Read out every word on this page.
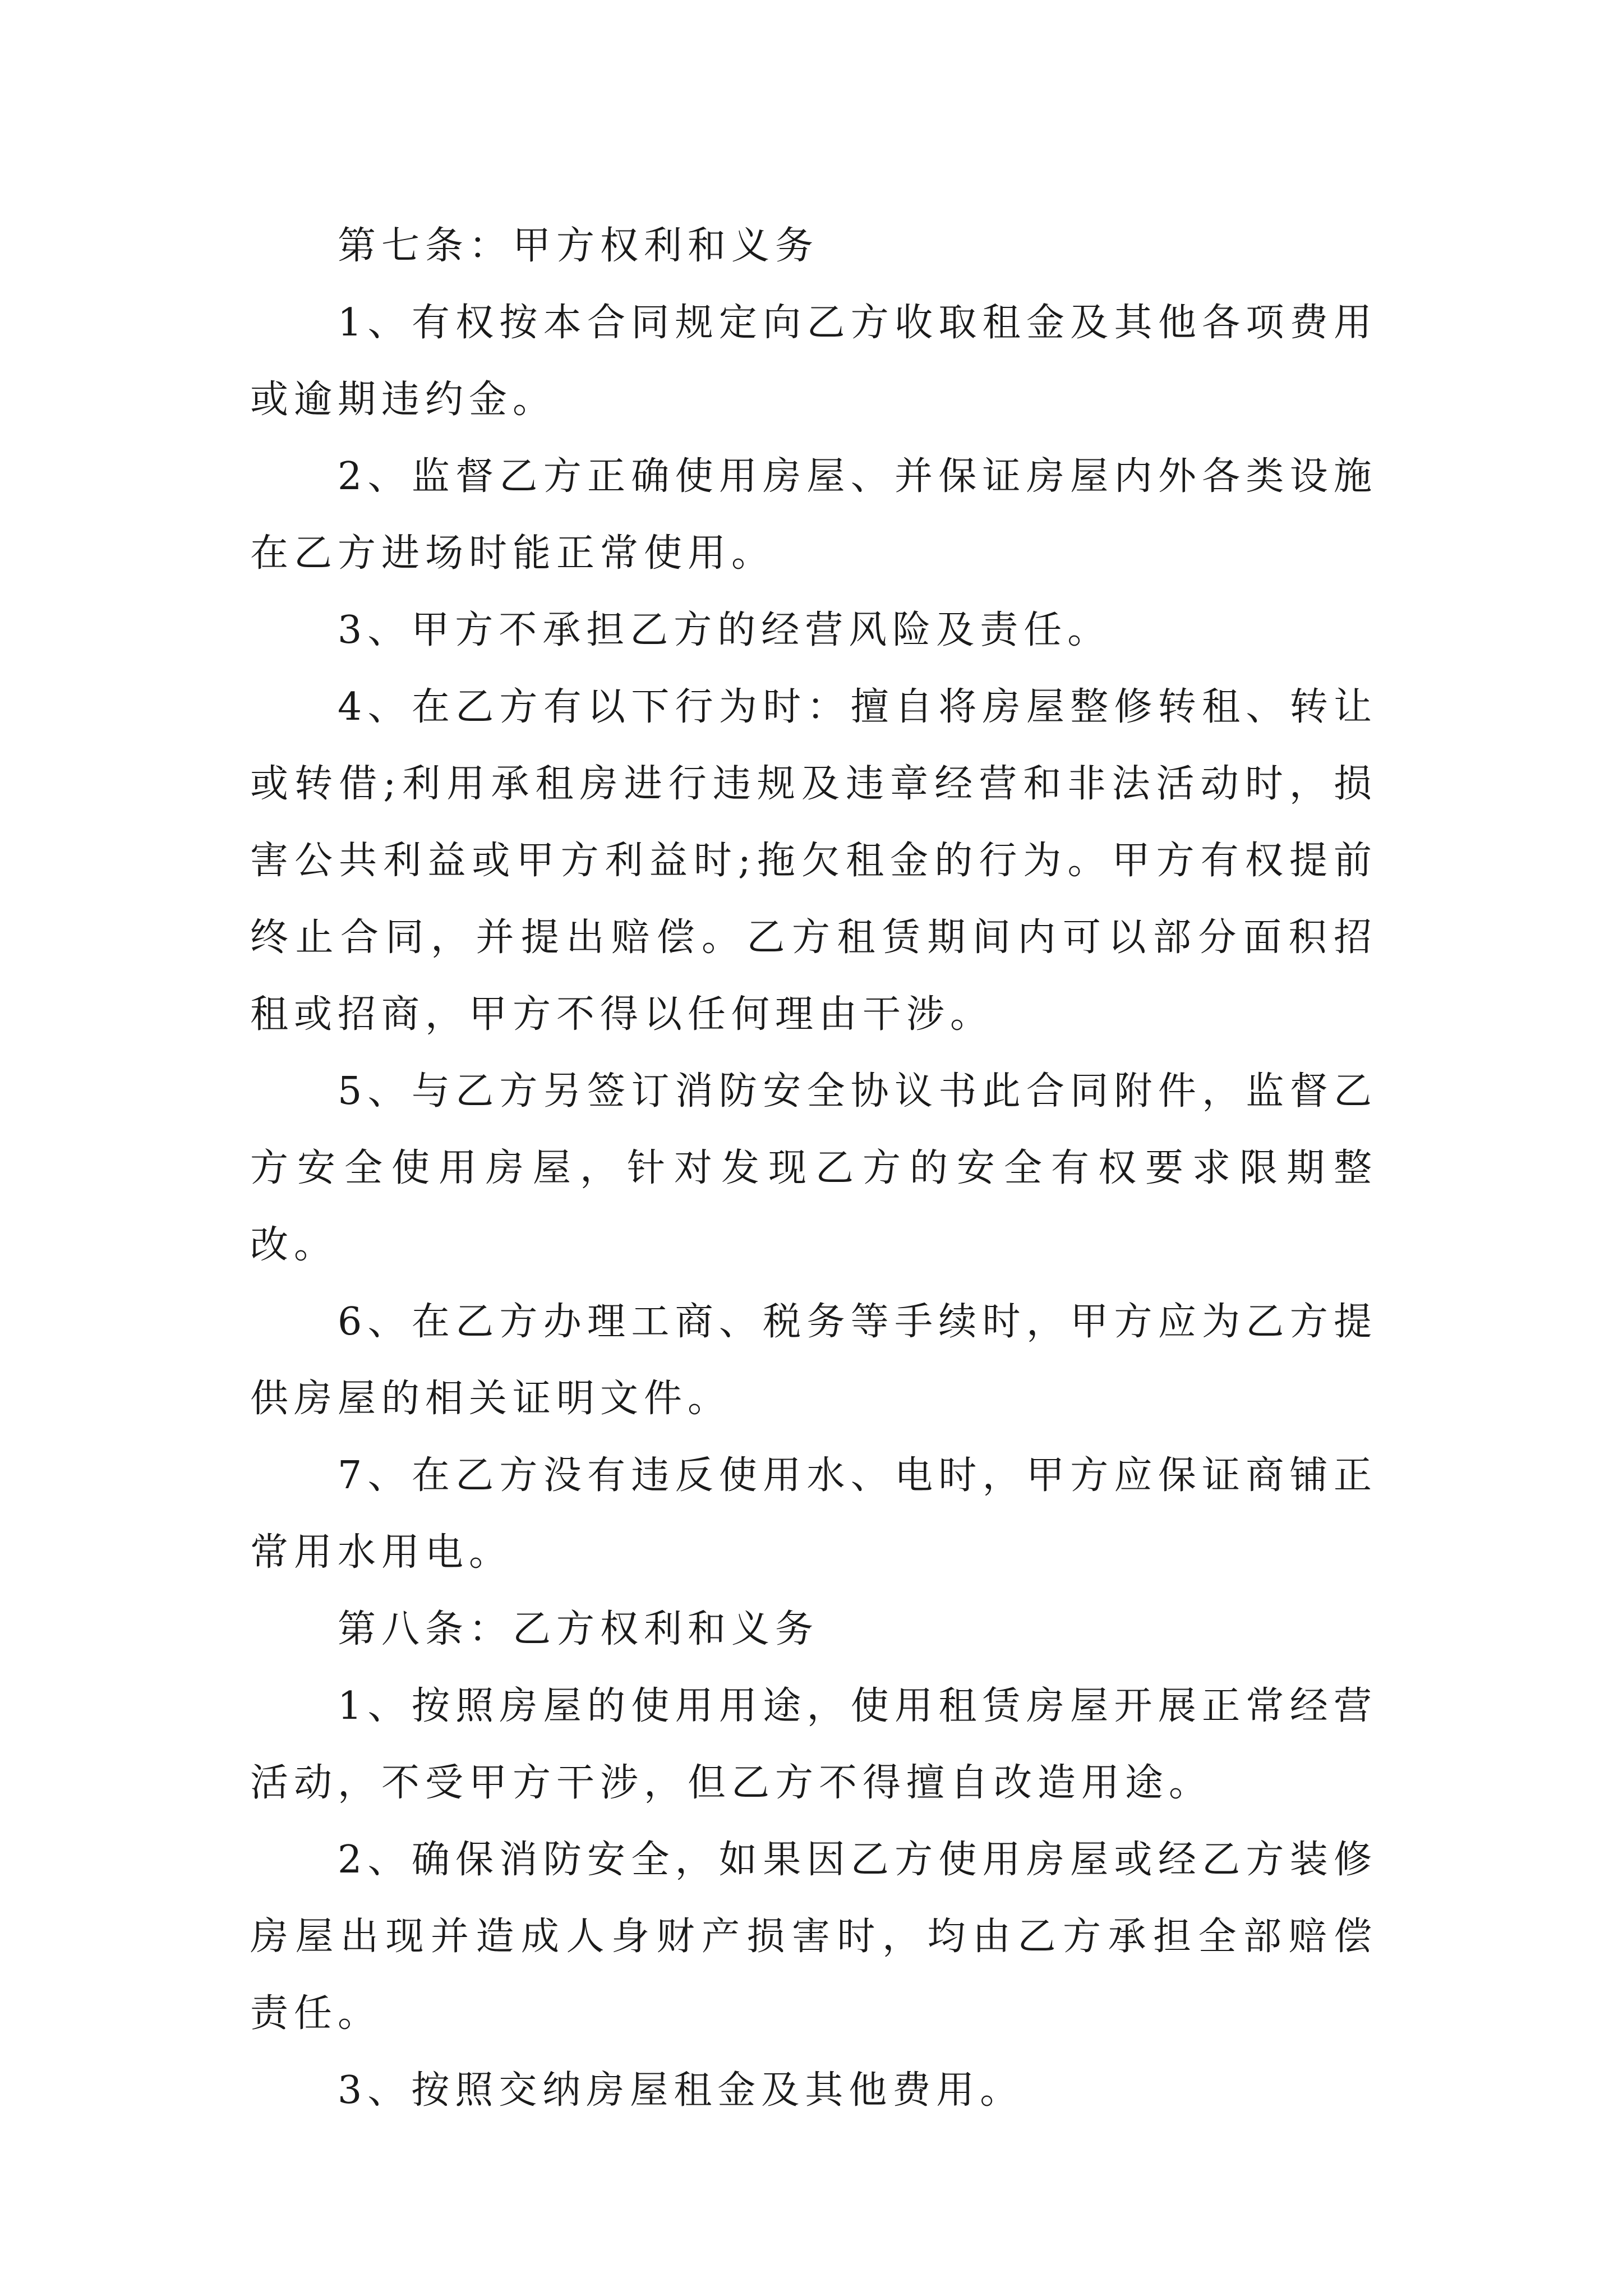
第七条：甲方权利和义务

1、有权按本合同规定向乙方收取租金及其他各项费用或逾期违约金。

2、监督乙方正确使用房屋、并保证房屋内外各类设施在乙方进场时能正常使用。

3、甲方不承担乙方的经营风险及责任。

4、在乙方有以下行为时：擅自将房屋整修转租、转让或转借;利用承租房进行违规及违章经营和非法活动时，损害公共利益或甲方利益时;拖欠租金的行为。甲方有权提前终止合同，并提出赔偿。乙方租赁期间内可以部分面积招租或招商，甲方不得以任何理由干涉。

5、与乙方另签订消防安全协议书此合同附件，监督乙方安全使用房屋，针对发现乙方的安全有权要求限期整改。

6、在乙方办理工商、税务等手续时，甲方应为乙方提供房屋的相关证明文件。

7、在乙方没有违反使用水、电时，甲方应保证商铺正常用水用电。

第八条：乙方权利和义务

1、按照房屋的使用用途，使用租赁房屋开展正常经营活动，不受甲方干涉，但乙方不得擅自改造用途。

2、确保消防安全，如果因乙方使用房屋或经乙方装修房屋出现并造成人身财产损害时，均由乙方承担全部赔偿责任。

3、按照交纳房屋租金及其他费用。
